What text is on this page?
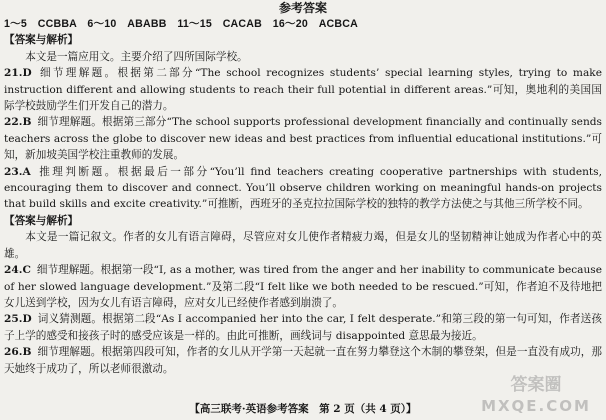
参考答案
1～5　CCBBA　6～10　ABABB　11～15　CACAB　16～20　ACBCA
【答案与解析】
本文是一篇应用文。主要介绍了四所国际学校。
21.D 细节理解题。根据第二部分“The school recognizes students’ special learning styles, trying to make instruction different and allowing students to reach their full potential in different areas.”可知，奥地利的美国国际学校鼓励学生们开发自己的潜力。
22.B 细节理解题。根据第三部分“The school supports professional development financially and continually sends teachers across the globe to discover new ideas and best practices from influential educational institutions.”可知，新加坡美国学校注重教师的发展。
23.A 推理判断题。根据最后一部分“You’ll find teachers creating cooperative partnerships with students, encouraging them to discover and connect. You’ll observe children working on meaningful hands-on projects that build skills and excite creativity.”可推断，西班牙的圣克拉拉国际学校的独特的教学方法使之与其他三所学校不同。
【答案与解析】
本文是一篇记叙文。作者的女儿有语言障碍，尽管应对女儿使作者精疲力竭，但是女儿的坚韧精神让她成为作者心中的英雄。
24.C 细节理解题。根据第一段“I, as a mother, was tired from the anger and her inability to communicate because of her slowed language development.”及第二段“I felt like we both needed to be rescued.”可知，作者迫不及待地把女儿送到学校，因为女儿有语言障碍，应对女儿已经使作者感到崩溃了。
25.D 词义猜测题。根据第二段“As I accompanied her into the car, I felt desperate.”和第三段的第一句可知，作者送孩子上学的感受和接孩子时的感受应该是一样的。由此可推断，画线词与 disappointed 意思最为接近。
26.B 细节理解题。根据第四段可知，作者的女儿从开学第一天起就一直在努力攀登这个木制的攀登架，但是一直没有成功，那天她终于成功了，所以老师很激动。
【高三联考·英语参考答案　第 2 页（共 4 页）】
答案圈
MXQE.COM
